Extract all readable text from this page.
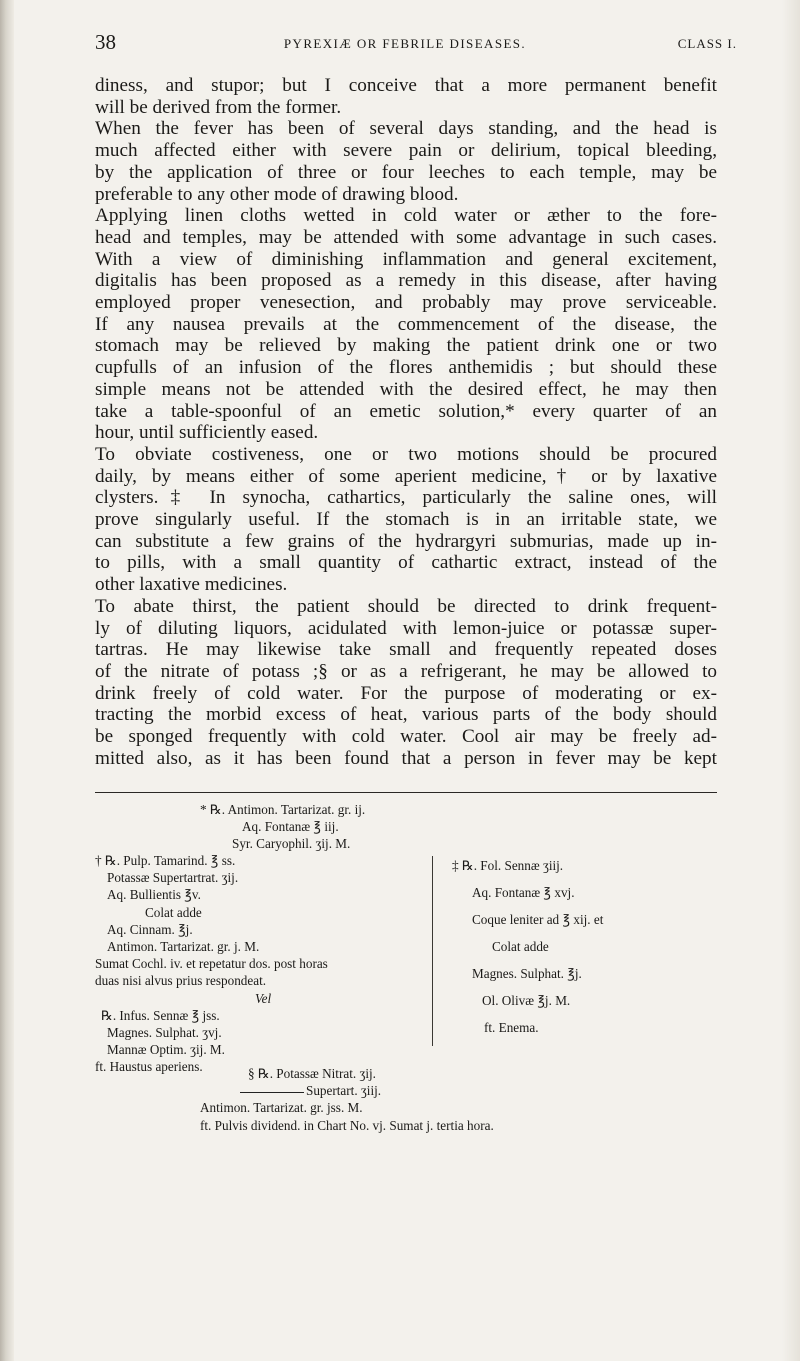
38	PYREXIÆ OR FEBRILE DISEASES.	CLASS I.
diness, and stupor; but I conceive that a more permanent benefit
will be derived from the former.
When the fever has been of several days standing, and the head is
much affected either with severe pain or delirium, topical bleeding,
by the application of three or four leeches to each temple, may be
preferable to any other mode of drawing blood.
Applying linen cloths wetted in cold water or æther to the fore-
head and temples, may be attended with some advantage in such cases.
With a view of diminishing inflammation and general excitement,
digitalis has been proposed as a remedy in this disease, after having
employed proper venesection, and probably may prove serviceable.
If any nausea prevails at the commencement of the disease, the
stomach may be relieved by making the patient drink one or two
cupfulls of an infusion of the flores anthemidis ; but should these
simple means not be attended with the desired effect, he may then
take a table-spoonful of an emetic solution,* every quarter of an
hour, until sufficiently eased.
To obviate costiveness, one or two motions should be procured
daily, by means either of some aperient medicine,† or by laxative
clysters.‡ In synocha, cathartics, particularly the saline ones, will
prove singularly useful. If the stomach is in an irritable state, we
can substitute a few grains of the hydrargyri submurias, made up in-
to pills, with a small quantity of cathartic extract, instead of the
other laxative medicines.
To abate thirst, the patient should be directed to drink frequent-
ly of diluting liquors, acidulated with lemon-juice or potassæ super-
tartras. He may likewise take small and frequently repeated doses
of the nitrate of potass ;§ or as a refrigerant, he may be allowed to
drink freely of cold water. For the purpose of moderating or ex-
tracting the morbid excess of heat, various parts of the body should
be sponged frequently with cold water. Cool air may be freely ad-
mitted also, as it has been found that a person in fever may be kept
* ℞. Antimon. Tartarizat. gr. ij.
Aq. Fontanæ ℥ iij.
Syr. Caryophil. ʒij. M.
† ℞. Pulp. Tamarind. ℥ ss.
Potassæ Supertartrat. ʒij.
Aq. Bullientis ℥v.
Colat adde
Aq. Cinnam. ℥j.
Antimon. Tartarizat. gr. j. M.
Sumat Cochl. iv. et repetatur dos. post horas
duas nisi alvus prius respondeat.
Vel
℞. Infus. Sennæ ℥ jss.
Magnes. Sulphat. ʒvj.
Mannæ Optim. ʒij. M.
ft. Haustus aperiens.
‡ ℞. Fol. Sennæ ʒiij.
Aq. Fontanæ ℥ xvj.
Coque leniter ad ℥ xij. et
Colat adde
Magnes. Sulphat. ℥j.
Ol. Olivæ ℥j. M.
ft. Enema.
§ ℞. Potassæ Nitrat. ʒij.
Supertart. ʒiij.
Antimon. Tartarizat. gr. jss. M.
ft. Pulvis dividend. in Chart No. vj. Sumat j. tertia hora.
